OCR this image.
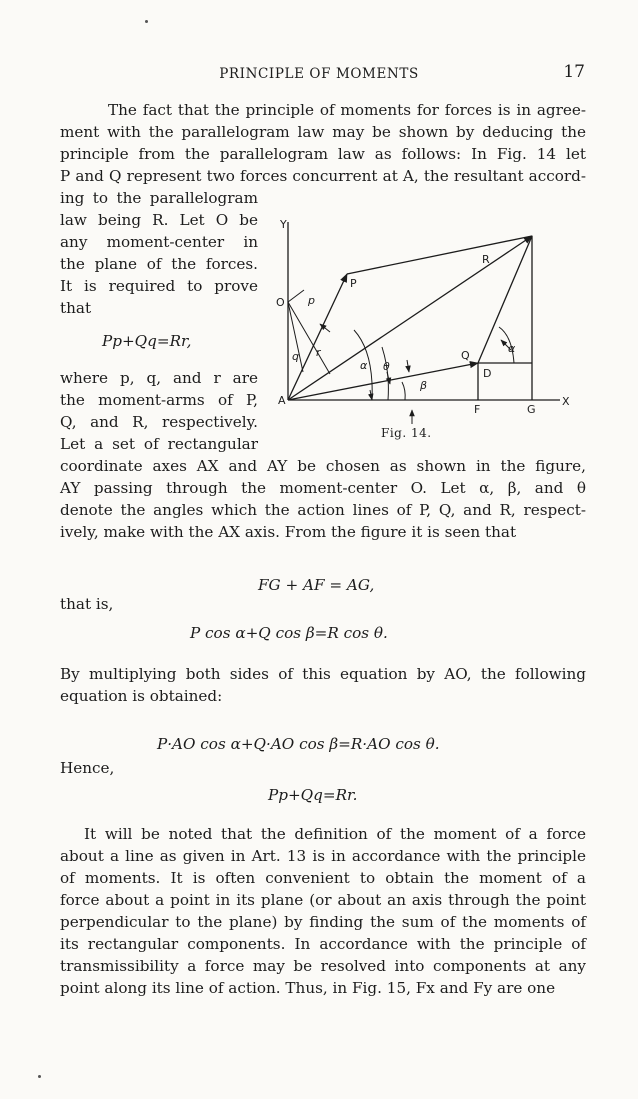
PRINCIPLE OF MOMENTS	17
The fact that the principle of moments for forces is in agree-
ment with the parallelogram law may be shown by deducing the
principle from the parallelogram law as follows: In Fig. 14 let
P and Q represent two forces concurrent at A, the resultant accord-
ing to the parallelogram
law being R. Let O be
any moment-center in
the plane of the forces.
It is required to prove
that
Pp+Qq=Rr,
where p, q, and r are
the moment-arms of P,
Q, and R, respectively.
Let a set of rectangular
coordinate axes AX and AY be chosen as shown in the figure,
AY passing through the moment-center O. Let α, β, and θ
denote the angles which the action lines of P, Q, and R, respect-
ively, make with the AX axis. From the figure it is seen that
FG + AF = AG,
that is,
P cos α+Q cos β=R cos θ.
By multiplying both sides of this equation by AO, the following
equation is obtained:
P·AO cos α+Q·AO cos β=R·AO cos θ.
Hence,
Pp+Qq=Rr.
It will be noted that the definition of the moment of a force
about a line as given in Art. 13 is in accordance with the principle
of moments. It is often convenient to obtain the moment of a
force about a point in its plane (or about an axis through the point
perpendicular to the plane) by finding the sum of the moments of
its rectangular components. In accordance with the principle of
transmissibility a force may be resolved into components at any
point along its line of action. Thus, in Fig. 15, Fx and Fy are one
Y
O p
q r
A
P
R
Q
D
F	G
X
α
α
θ
β
Fig. 14.
